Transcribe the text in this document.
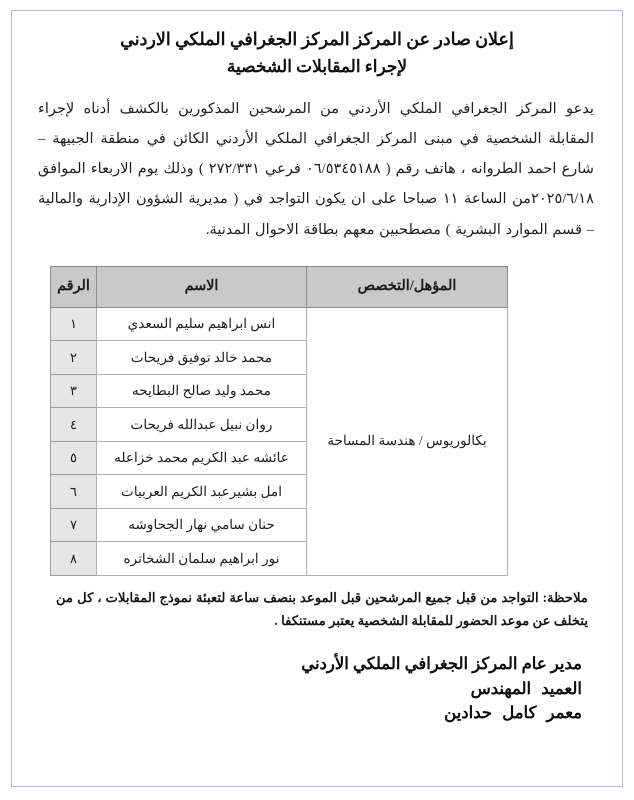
إعلان صادر عن المركز المركز الجغرافي الملكي الاردني
لإجراء المقابلات الشخصية
يدعو المركز الجغرافي الملكي الأردني من المرشحين المذكورين بالكشف أدناه لإجراء المقابلة الشخصية في مبنى المركز الجغرافي الملكي الأردني الكائن في منطقة الجبيهة – شارع احمد الطروانه ، هاتف رقم ( ٠٦/٥٣٤٥١٨٨ فرعي ٢٧٢/٣٣١ ) وذلك يوم الاربعاء الموافق ٢٠٢٥/٦/١٨من الساعة ١١ صباحا على ان يكون التواجد في ( مديرية الشؤون الإدارية والمالية – قسم الموارد البشرية ) مصطحبين معهم بطاقة الاحوال المدنية.
المؤهل/التخصص	الاسم	الرقم
بكالوريوس / هندسة المساحة	انس ابراهيم سليم السعدي	١
	محمد خالد توفيق فريحات	٢
	محمد وليد صالح البطايحه	٣
	روان نبيل عبدالله فريحات	٤
	عائشه عبد الكريم محمد خزاعله	٥
	امل بشيرعبد الكريم العربيات	٦
	حنان سامي نهار الجحاوشه	٧
	نور ابراهيم سلمان الشخاتره	٨
ملاحظة: التواجد من قبل جميع المرشحين قبل الموعد بنصف ساعة لتعبئة نموذج المقابلات ، كل من يتخلف عن موعد الحضور للمقابلة الشخصية يعتبر مستنكفا .
مدير عام المركز الجغرافي الملكي الأردني
العميد المهندس
معمر كامل حدادين
